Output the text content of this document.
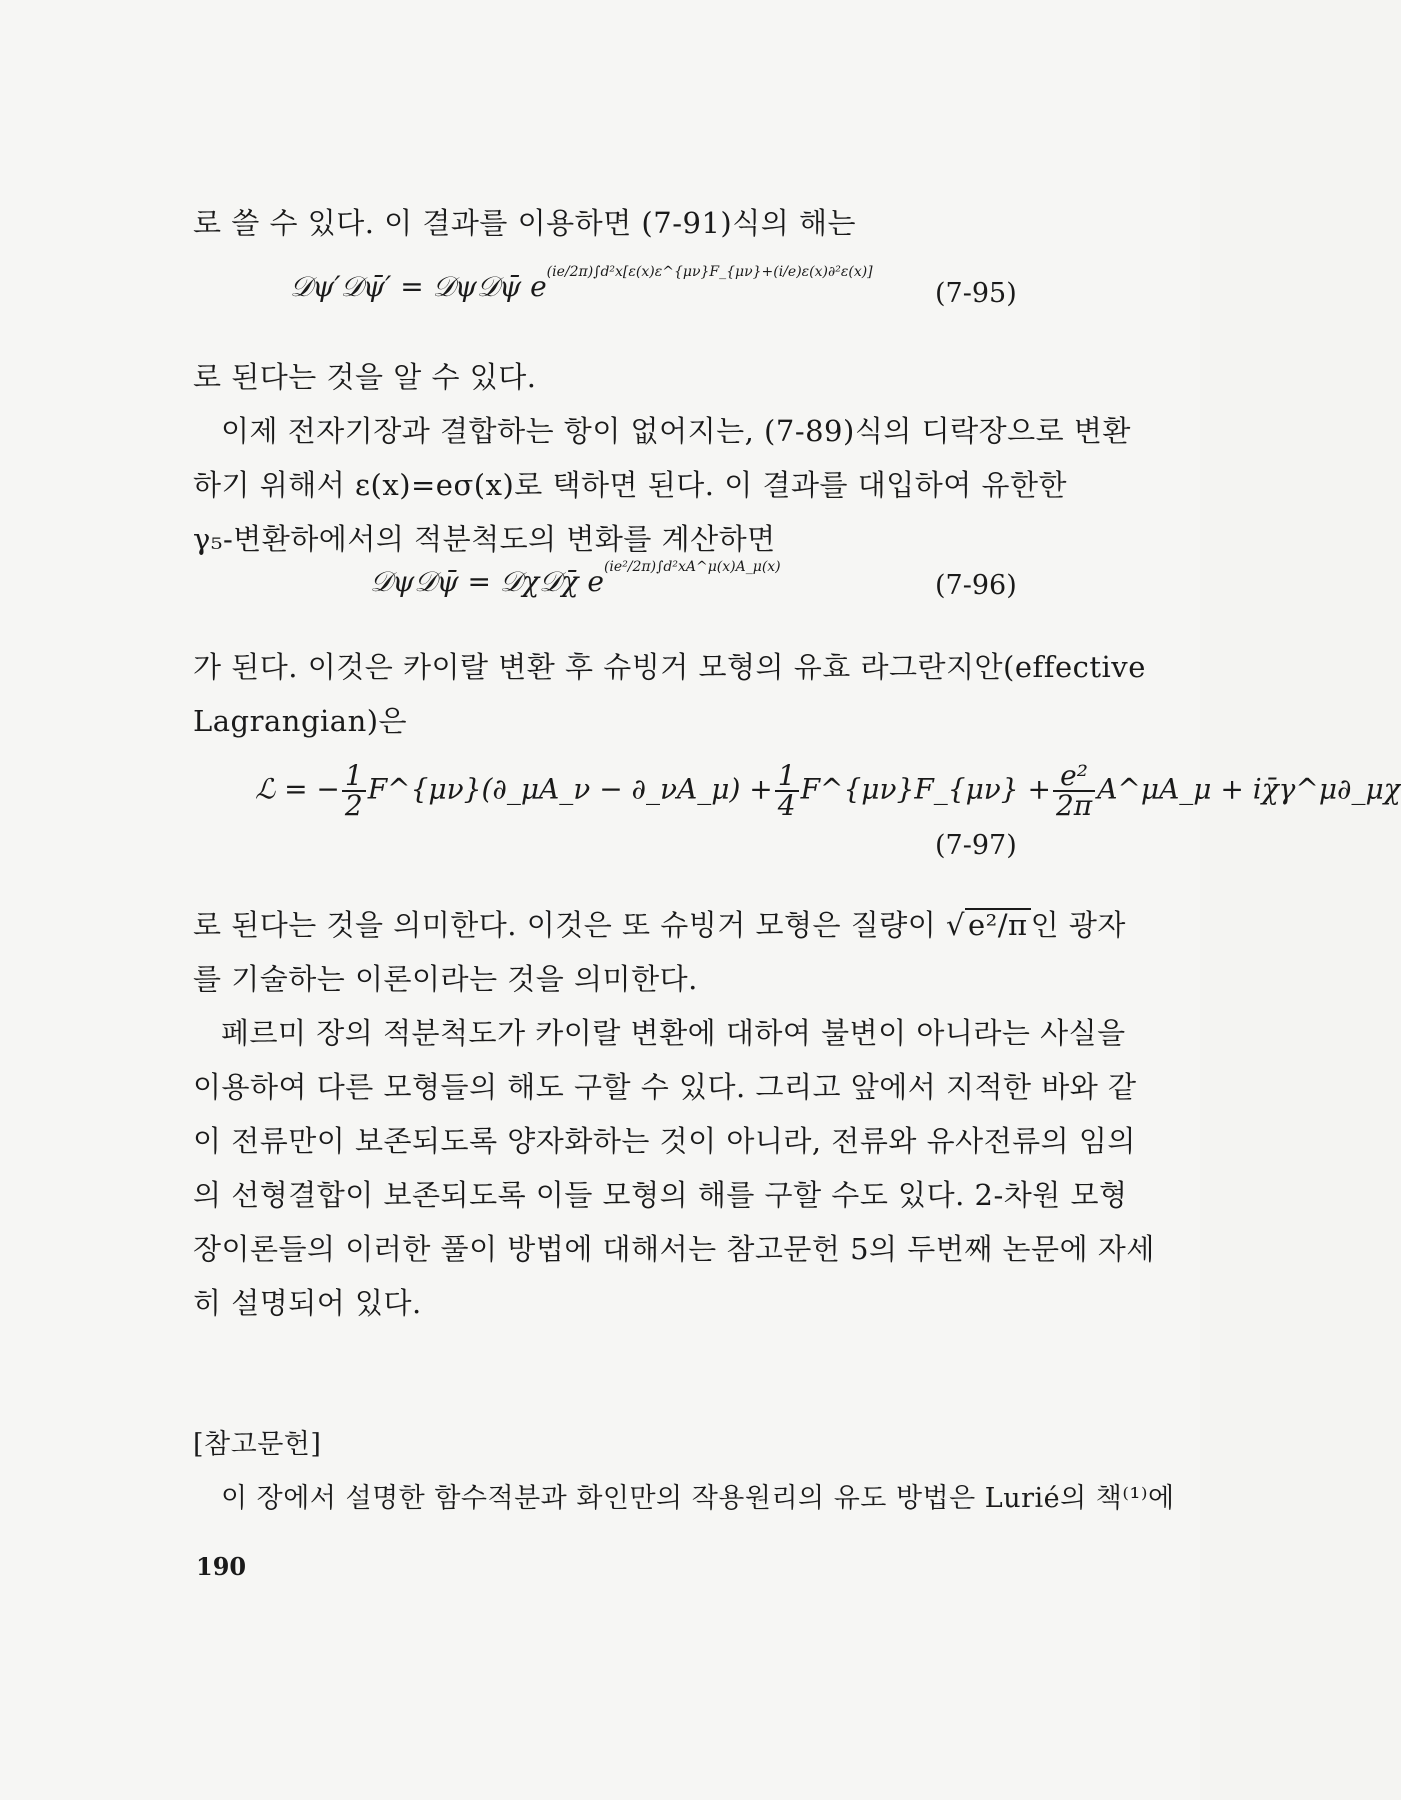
로 쓸 수 있다. 이 결과를 이용하면 (7-91)식의 해는
𝒟ψ′𝒟ψ̄′ = 𝒟ψ𝒟ψ̄ $e^{(ie/2\pi)\int d^2x[\varepsilon(x)\varepsilon\^{}\{\mu\nu\}F\_\{\mu\nu\}+(i/e)\varepsilon(x)\partial^2\varepsilon(x)]}$
(7-95)
로 된다는 것을 알 수 있다.
이제 전자기장과 결합하는 항이 없어지는, (7-89)식의 디락장으로 변환
하기 위해서 ε(x)=eσ(x)로 택하면 된다. 이 결과를 대입하여 유한한
γ₅-변환하에서의 적분척도의 변화를 계산하면
𝒟ψ𝒟ψ̄ = 𝒟χ𝒟χ̄ $e^{(ie^2/2\pi)\int d^2xA\^{}\mu(x)A\_\mu(x)}$
(7-96)
가 된다. 이것은 카이랄 변환 후 슈빙거 모형의 유효 라그란지안(effective
Lagrangian)은
ℒ = − $\frac{1}{2}$ F^{μν}(∂_μA_ν − ∂_νA_μ) + $\frac{1}{4}$ F^{μν}F_{μν} + $\frac{\text{e²}}{2\pi}$ A^μA_μ + iχ̄γ^μ∂_μχ
(7-97)
로 된다는 것을 의미한다. 이것은 또 슈빙거 모형은 질량이 √ e²/π 인 광자
를 기술하는 이론이라는 것을 의미한다.
페르미 장의 적분척도가 카이랄 변환에 대하여 불변이 아니라는 사실을
이용하여 다른 모형들의 해도 구할 수 있다. 그리고 앞에서 지적한 바와 같
이 전류만이 보존되도록 양자화하는 것이 아니라, 전류와 유사전류의 임의
의 선형결합이 보존되도록 이들 모형의 해를 구할 수도 있다. 2-차원 모형
장이론들의 이러한 풀이 방법에 대해서는 참고문헌 5의 두번째 논문에 자세
히 설명되어 있다.
[참고문헌]
이 장에서 설명한 함수적분과 화인만의 작용원리의 유도 방법은 Lurié의 책⁽¹⁾에
190
